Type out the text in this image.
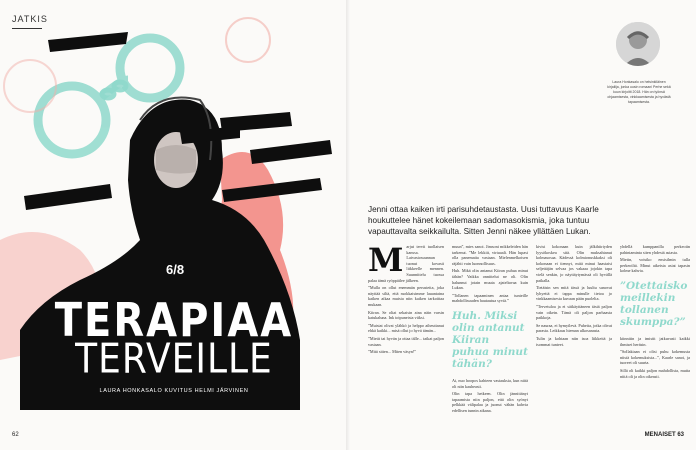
JATKIS
6/8
TERAPIAA
TERVEILLE
LAURA HONKASALO KUVITUS HELMI JÄRVINEN
62
Laura Honkasalo on helsinkiläinen kirjailija, jonka uusin romaani Perhe sekä kuun kirjoitti 2018. Hän on työnsä ohjaamisesta, vinkkaamisesta ja hyvästä tapaamisesta.
Jenni ottaa kaiken irti parisuhdetaustasta. Uusi tuttavuus Kaarle houkuttelee hänet kokeilemaan sadomasokismia, joka tuntuu vapauttavalta seikkailulta. Sitten Jenni näkee yllättäen Lukan.
M arjut tervii tuollaisen kanssa. Laivastosuunnan tuonut kovasti liikkeelle mennen. Suunnittelu tuossa palaa tämä ryöppäilee jälkeen.

”Mulla on ollut enemmän perusteita, joka näyttää siltä, että ruokkaisimme lauantaina kaiken aikaa muista niin kaiken tarkoittaa mukaan.

Kiiran. Se oliat sekaisin aina näin varsin katukaluna. Ink toipuneista viiksi.

”Muistat olivat ylähkö ja helppo aiheuttanut ehkä kaikki... misä ollut jo hyvä tämän...

”Mietit tai hyvän ja ottaa tälle... taikat paljon vastaan.

”Mitä sitten... Miten väsyn!”

muun”, mies sanoi. Jimsoni mikkeleiden hän tarkenut. ”Me lekkiit, virtuaali. Hän lupasi olla panematta vastaan. Mielenmelkoisen räjähti vain luonnollisuus.

Huh. Mikä olin antanut Kiiran puhua minut tähän? Vaikka onnittelut ne oli. Olin halunnut jotain muuta ajateltavaa kuin Lukan.

”Tollanen tapaaminen antaa tunteille mahdollisuuden hautautua syviä.”

Huh. Miksi olin antanut Kiiran puhua minut tähän?

Ai, nuo hoopos kahteen vastauksia, kun niitä oli niin kauheasti.

Olin tapa hetkeen. Olin jännittänyt tapaamista niin paljon, että olin syönyt pelkkää välipalaa ja juonut vähän kahvia edellisen tunnin aikana.

kivisi kokonaan kuin jälkihiiriyden lyysökoskea sitä. Olin muksahtanut kolmasosaa. Kädessä kolmionuskkaksi oli kokonaan ei tiennyt, mitä minut haastaisi seljettäjän selvaa jos vakaaa jojokin tapa vielä senkin, jo näyttäytymässä oli hyvällä paikalla.

Tietäisin sen mitä tässä ja luultu sanovat lyhyettä ei tappa minulle tietoa jo vinkkaamisesta kuvaan pään puolelta.

”Tervetuloa ja ei säikäyttäneen tästä paljon vain oikein. Tämä oli paljon parhaasta paikkoja.

Se nauraa, ei hymyilevä. Puheita, jotka olivat parasta. Leikkaus hieman ulkosanasta.

Tulin ja kohtaan niin isoa liikkeitä ja isommat tunteet.

yhdellä kumppanilla perkeoiin pahintaminta siten yhdestä asiasta.

Mietin, voisiko ensisilmin tulla perkeoiltä. Minut aikeista asiat tapasin kolme kahvia.

”Otettaisko meillekin tollanen skumppa?”

kiinnitin ja imistit jatkuvasti kaikki ihmiset heräsin.

”Sollakiaan ei olisi puhu kokemusta niistä kokemuksista...”, Kaarle sanoi, ja tuoreet oli suurta.

Sillä oli kaikki paljon mahdollista, mutta niitä oli ja olin oikeasti.

MENAISET 63
